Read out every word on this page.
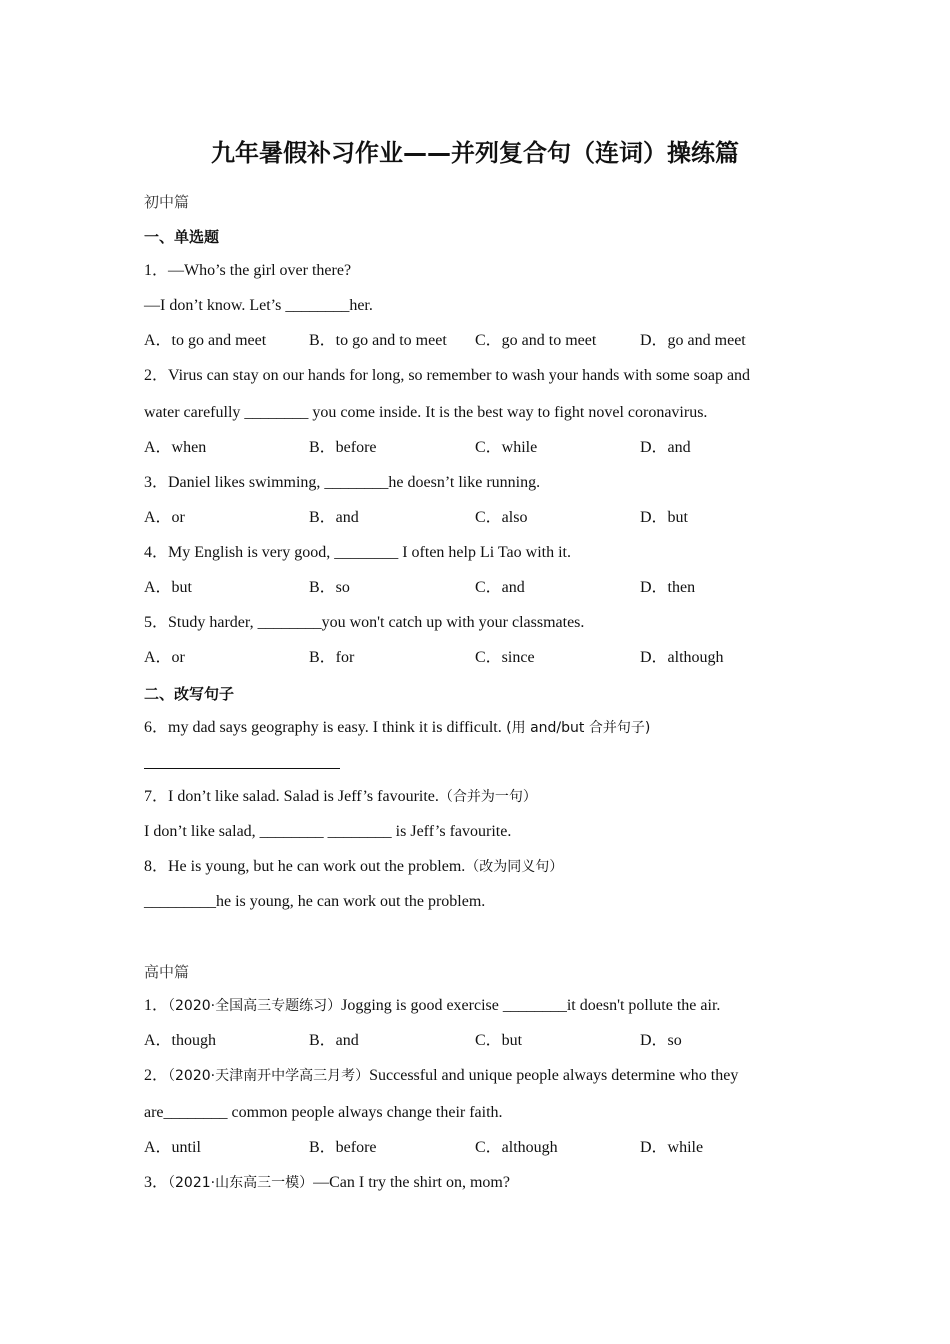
九年暑假补习作业——并列复合句（连词）操练篇
初中篇
一、单选题
1．—Who’s the girl over there?
—I don’t know. Let’s ________her.
A．to go and meet	B．to go and to meet C．go and to meet	D．go and meet
2．Virus can stay on our hands for long, so remember to wash your hands with some soap and
water carefully ________ you come inside. It is the best way to fight novel coronavirus.
A．when	B．before	C．while	D．and
3．Daniel likes swimming, ________he doesn’t like running.
A．or	B．and	C．also	D．but
4．My English is very good, ________ I often help Li Tao with it.
A．but	B．so	C．and	D．then
5．Study harder, ________you won't catch up with your classmates.
A．or	B．for	C．since	D．although
二、改写句子
6．my dad says geography is easy. I think it is difficult. (用 and/but 合并句子)
7．I don’t like salad. Salad is Jeff’s favourite.（合并为一句）
I don’t like salad, ________ ________ is Jeff’s favourite.
8．He is young, but he can work out the problem.（改为同义句）
_________he is young, he can work out the problem.
高中篇
1．（2020·全国高三专题练习）Jogging is good exercise ________it doesn't pollute the air.
A．though	B．and	C．but	D．so
2．（2020·天津南开中学高三月考）Successful and unique people always determine who they
are________ common people always change their faith.
A．until	B．before	C．although	D．while
3．（2021·山东高三一模）—Can I try the shirt on, mom?
